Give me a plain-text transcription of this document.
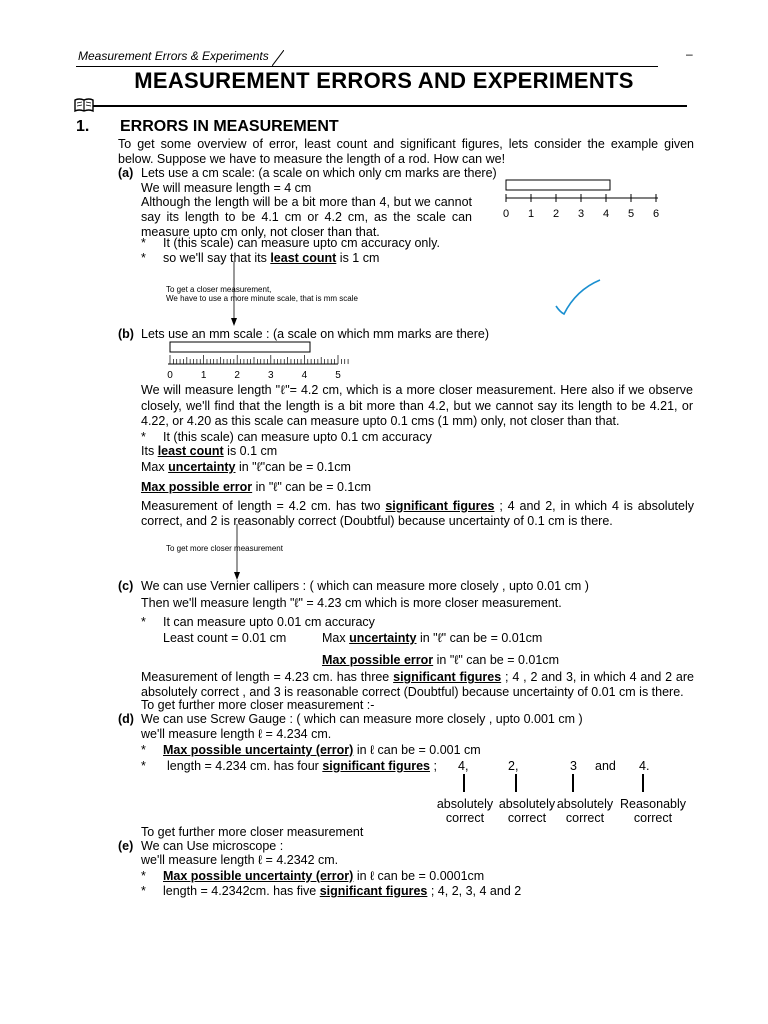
Measurement Errors & Experiments	–
MEASUREMENT ERRORS AND EXPERIMENTS
1. ERRORS IN MEASUREMENT
To get some overview of error, least count and significant figures, lets consider the example given below. Suppose we have to measure the length of a rod. How can we!
(a) Lets use a cm scale: (a scale on which only cm marks are there)
We will measure length = 4 cm
Although the length will be a bit more than 4, but we cannot say its length to be 4.1 cm or 4.2 cm, as the scale can measure upto cm only, not closer than that.
* It (this scale) can measure upto cm accuracy only.
* so we'll say that its least count is 1 cm
0 1 2 3 4 5 6
To get a closer measurement,
We have to use a more minute scale, that is mm scale
(b) Lets use an mm scale : (a scale on which mm marks are there)
0	1	2	3	4	5
We will measure length "ℓ"= 4.2 cm, which is a more closer measurement. Here also if we observe closely, we'll find that the length is a bit more than 4.2, but we cannot say its length to be 4.21, or 4.22, or 4.20 as this scale can measure upto 0.1 cms (1 mm) only, not closer than that.
* It (this scale) can measure upto 0.1 cm accuracy
Its least count is 0.1 cm
Max uncertainty in "ℓ"can be = 0.1cm
Max possible error in "ℓ" can be = 0.1cm
Measurement of length = 4.2 cm. has two significant figures ; 4 and 2, in which 4 is absolutely correct, and 2 is reasonably correct (Doubtful) because uncertainty of 0.1 cm is there.
To get more closer measurement
(c) We can use Vernier callipers : ( which can measure more closely , upto 0.01 cm )
Then we'll measure length "ℓ" = 4.23 cm which is more closer measurement.
* It can measure upto 0.01 cm accuracy
Least count = 0.01 cm	Max uncertainty in "ℓ" can be = 0.01cm
Max possible error in "ℓ" can be = 0.01cm
Measurement of length = 4.23 cm. has three significant figures ; 4 , 2 and 3, in which 4 and 2 are absolutely correct , and 3 is reasonable correct (Doubtful) because uncertainty of 0.01 cm is there.
To get further more closer measurement :-
(d) We can use Screw Gauge : ( which can measure more closely , upto 0.001 cm )
we'll measure length ℓ = 4.234 cm.
* Max possible uncertainty (error) in ℓ can be = 0.001 cm
* length = 4.234 cm. has four significant figures ; 4,	2,	3 and 4.
absolutely
correct
absolutely
correct
absolutely
correct
Reasonably
correct
To get further more closer measurement
(e) We can Use microscope :
we'll measure length ℓ = 4.2342 cm.
* Max possible uncertainty (error) in ℓ can be = 0.0001cm
* length = 4.2342cm. has five significant figures ; 4, 2, 3, 4 and 2
